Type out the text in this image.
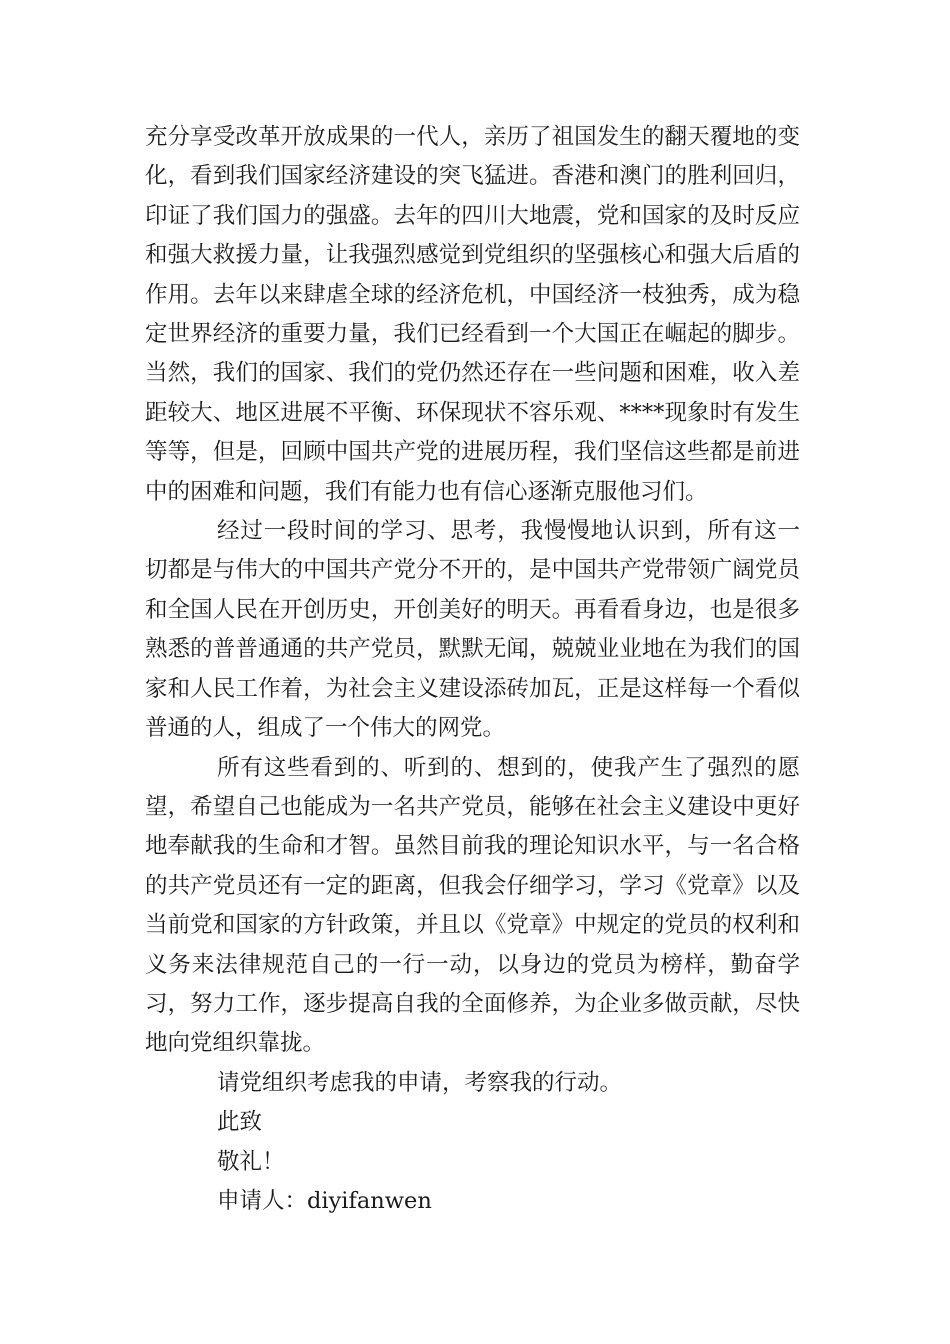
充分享受改革开放成果的一代人，亲历了祖国发生的翻天覆地的变化，看到我们国家经济建设的突飞猛进。香港和澳门的胜利回归，印证了我们国力的强盛。去年的四川大地震，党和国家的及时反应和强大救援力量，让我强烈感觉到党组织的坚强核心和强大后盾的作用。去年以来肆虐全球的经济危机，中国经济一枝独秀，成为稳定世界经济的重要力量，我们已经看到一个大国正在崛起的脚步。当然，我们的国家、我们的党仍然还存在一些问题和困难，收入差距较大、地区进展不平衡、环保现状不容乐观、****现象时有发生等等，但是，回顾中国共产党的进展历程，我们坚信这些都是前进中的困难和问题，我们有能力也有信心逐渐克服他习们。

经过一段时间的学习、思考，我慢慢地认识到，所有这一切都是与伟大的中国共产党分不开的，是中国共产党带领广阔党员和全国人民在开创历史，开创美好的明天。再看看身边，也是很多熟悉的普普通通的共产党员，默默无闻，兢兢业业地在为我们的国家和人民工作着，为社会主义建设添砖加瓦，正是这样每一个看似普通的人，组成了一个伟大的网党。

所有这些看到的、听到的、想到的，使我产生了强烈的愿望，希望自己也能成为一名共产党员，能够在社会主义建设中更好地奉献我的生命和才智。虽然目前我的理论知识水平，与一名合格的共产党员还有一定的距离，但我会仔细学习，学习《党章》以及当前党和国家的方针政策，并且以《党章》中规定的党员的权利和义务来法律规范自己的一行一动，以身边的党员为榜样，勤奋学习，努力工作，逐步提高自我的全面修养，为企业多做贡献，尽快地向党组织靠拢。

请党组织考虑我的申请，考察我的行动。

此致

敬礼！

申请人：diyifanwen
